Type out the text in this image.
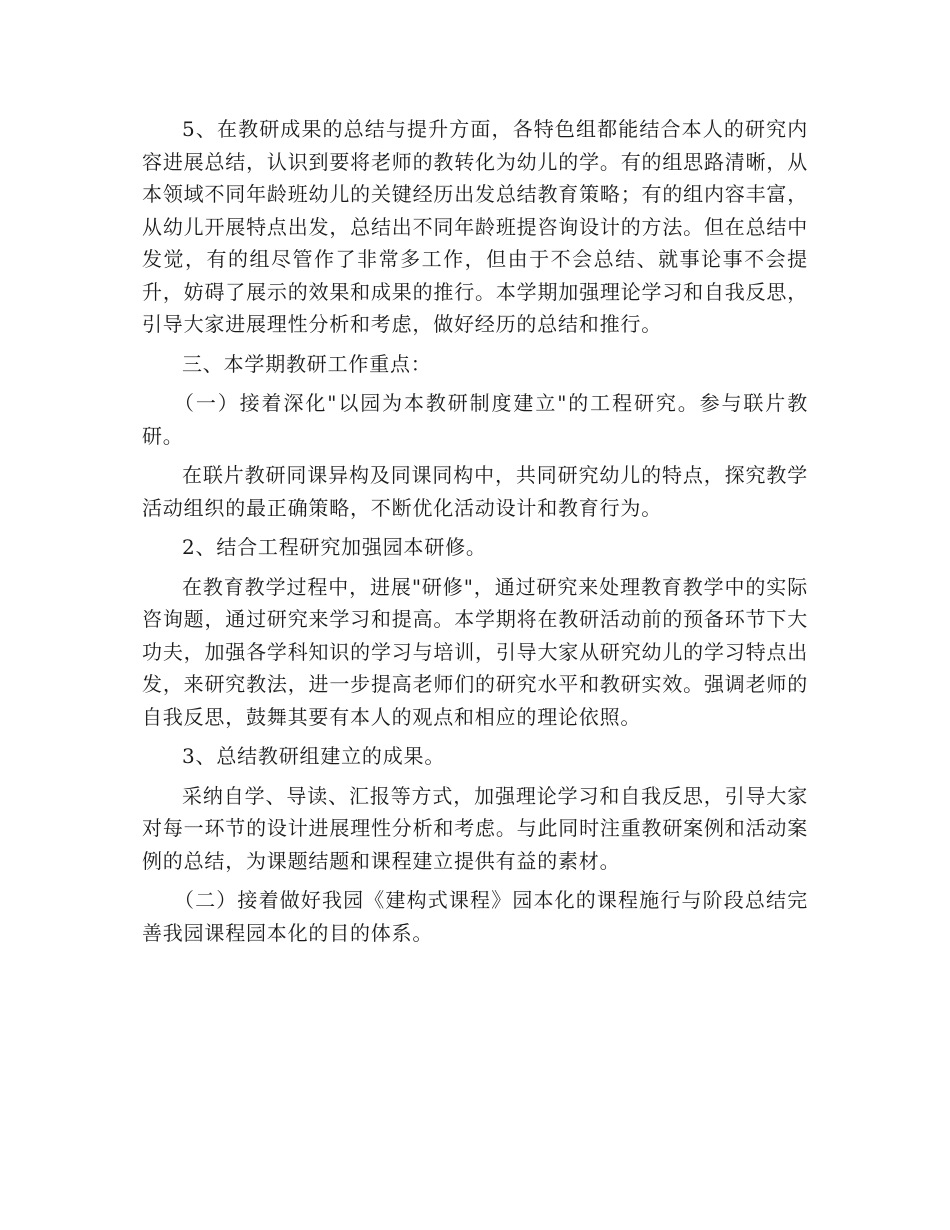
5、在教研成果的总结与提升方面，各特色组都能结合本人的研究内容进展总结，认识到要将老师的教转化为幼儿的学。有的组思路清晰，从本领域不同年龄班幼儿的关键经历出发总结教育策略；有的组内容丰富，从幼儿开展特点出发，总结出不同年龄班提咨询设计的方法。但在总结中发觉，有的组尽管作了非常多工作，但由于不会总结、就事论事不会提升，妨碍了展示的效果和成果的推行。本学期加强理论学习和自我反思，引导大家进展理性分析和考虑，做好经历的总结和推行。

三、本学期教研工作重点：

（一）接着深化"以园为本教研制度建立"的工程研究。参与联片教研。

在联片教研同课异构及同课同构中，共同研究幼儿的特点，探究教学活动组织的最正确策略，不断优化活动设计和教育行为。

2、结合工程研究加强园本研修。

在教育教学过程中，进展"研修"，通过研究来处理教育教学中的实际咨询题，通过研究来学习和提高。本学期将在教研活动前的预备环节下大功夫，加强各学科知识的学习与培训，引导大家从研究幼儿的学习特点出发，来研究教法，进一步提高老师们的研究水平和教研实效。强调老师的自我反思，鼓舞其要有本人的观点和相应的理论依照。

3、总结教研组建立的成果。

采纳自学、导读、汇报等方式，加强理论学习和自我反思，引导大家对每一环节的设计进展理性分析和考虑。与此同时注重教研案例和活动案例的总结，为课题结题和课程建立提供有益的素材。

（二）接着做好我园《建构式课程》园本化的课程施行与阶段总结完善我园课程园本化的目的体系。
